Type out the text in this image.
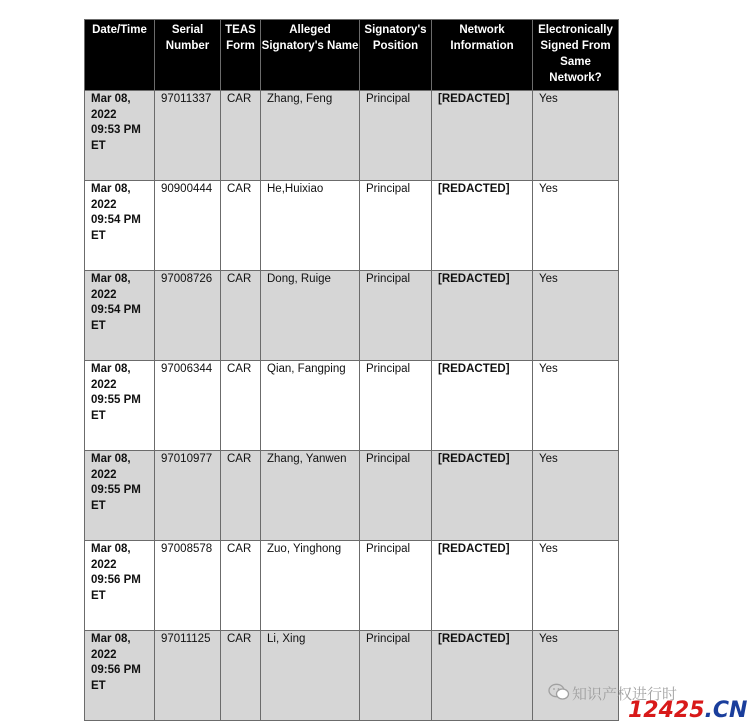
Date/Time	Serial Number	TEAS Form	Alleged Signatory's Name	Signatory's Position	Network Information	Electronically Signed From Same Network?
Mar 08, 2022 09:53 PM ET	97011337	CAR	Zhang, Feng	Principal	[REDACTED]	Yes
Mar 08, 2022 09:54 PM ET	90900444	CAR	He,Huixiao	Principal	[REDACTED]	Yes
Mar 08, 2022 09:54 PM ET	97008726	CAR	Dong, Ruige	Principal	[REDACTED]	Yes
Mar 08, 2022 09:55 PM ET	97006344	CAR	Qian, Fangping	Principal	[REDACTED]	Yes
Mar 08, 2022 09:55 PM ET	97010977	CAR	Zhang, Yanwen	Principal	[REDACTED]	Yes
Mar 08, 2022 09:56 PM ET	97008578	CAR	Zuo, Yinghong	Principal	[REDACTED]	Yes
Mar 08, 2022 09:56 PM ET	97011125	CAR	Li, Xing	Principal	[REDACTED]	Yes
知识产权进行时
12425.CN
